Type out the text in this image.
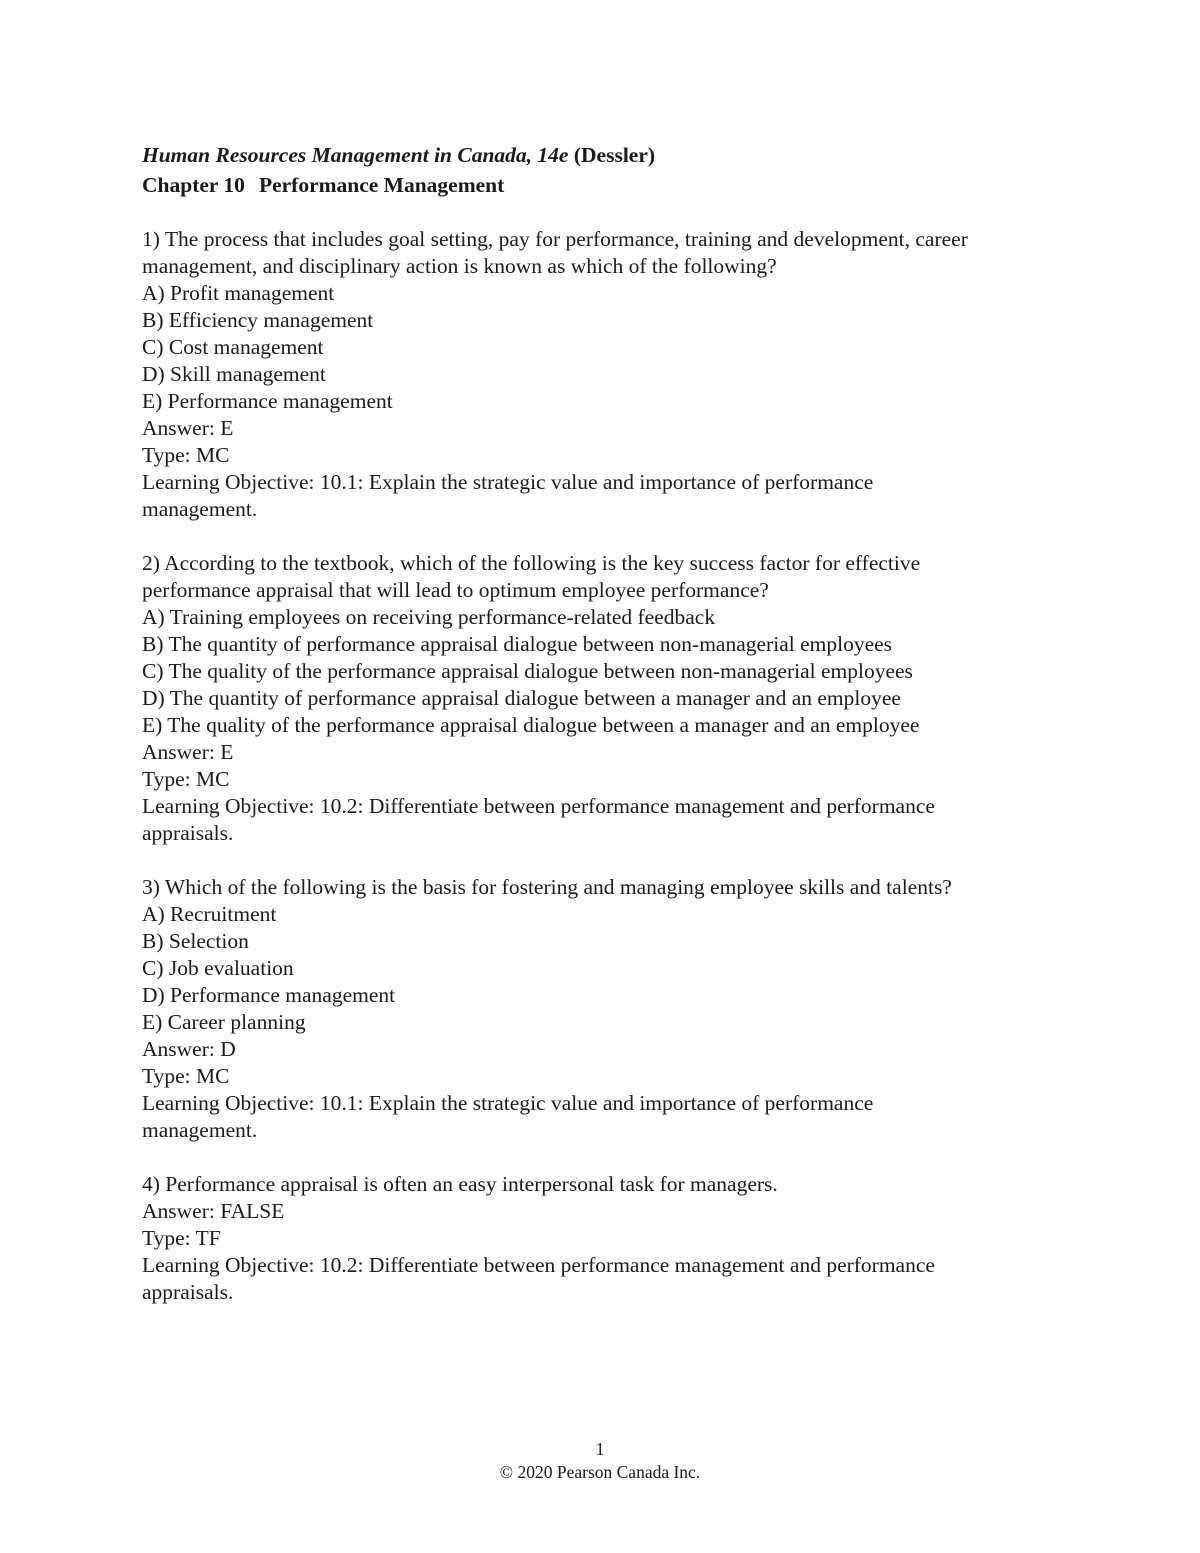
Human Resources Management in Canada, 14e (Dessler)
Chapter 10 Performance Management
1) The process that includes goal setting, pay for performance, training and development, career
management, and disciplinary action is known as which of the following?
A) Profit management
B) Efficiency management
C) Cost management
D) Skill management
E) Performance management
Answer: E
Type: MC
Learning Objective: 10.1: Explain the strategic value and importance of performance
management.
2) According to the textbook, which of the following is the key success factor for effective
performance appraisal that will lead to optimum employee performance?
A) Training employees on receiving performance-related feedback
B) The quantity of performance appraisal dialogue between non-managerial employees
C) The quality of the performance appraisal dialogue between non-managerial employees
D) The quantity of performance appraisal dialogue between a manager and an employee
E) The quality of the performance appraisal dialogue between a manager and an employee
Answer: E
Type: MC
Learning Objective: 10.2: Differentiate between performance management and performance
appraisals.
3) Which of the following is the basis for fostering and managing employee skills and talents?
A) Recruitment
B) Selection
C) Job evaluation
D) Performance management
E) Career planning
Answer: D
Type: MC
Learning Objective: 10.1: Explain the strategic value and importance of performance
management.
4) Performance appraisal is often an easy interpersonal task for managers.
Answer: FALSE
Type: TF
Learning Objective: 10.2: Differentiate between performance management and performance
appraisals.
1
© 2020 Pearson Canada Inc.
